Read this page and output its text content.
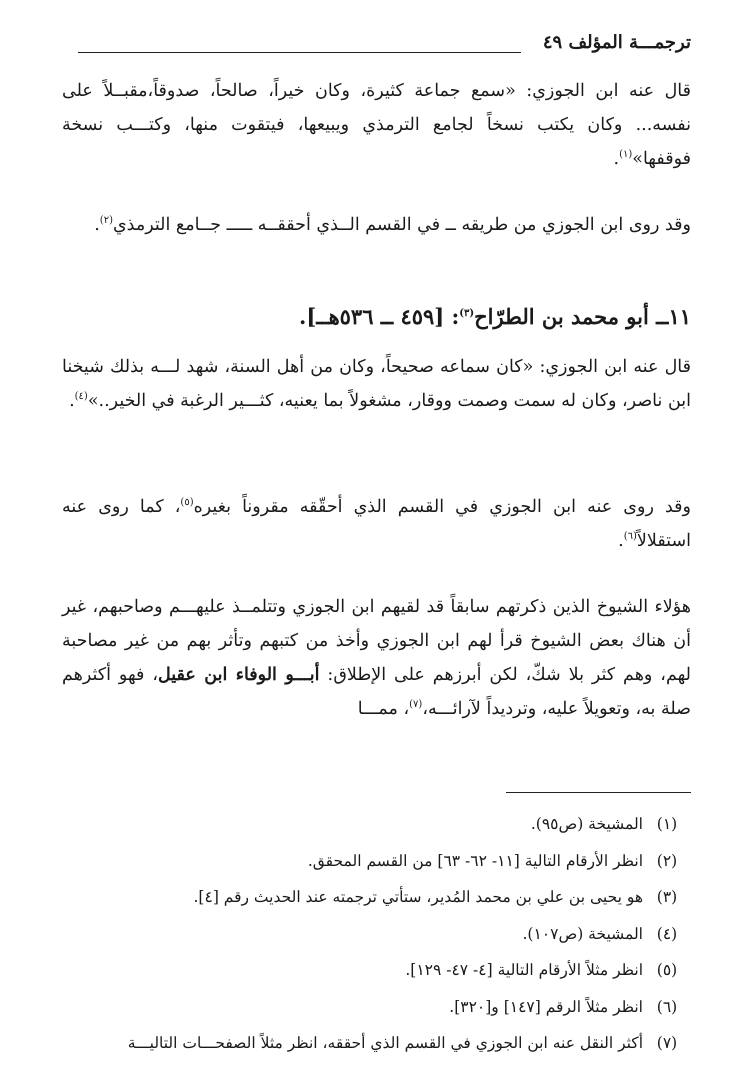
ترجمـــة المؤلف ٤٩
قال عنه ابن الجوزي: «سمع جماعة كثيرة، وكان خيراً، صالحاً، صدوقاً،مقبــلاً على نفسه... وكان يكتب نسخاً لجامع الترمذي ويبيعها، فيتقوت منها، وكتـــب نسخة فوقفها»$^{(١)}$.
وقد روى ابن الجوزي من طريقه ــ في القسم الــذي أحققــه ـــــ جــامع الترمذي$^{(٢)}$.
١١ــ أبو محمد بن الطرّاح$^{(٣)}$: [٤٥٩ ــ ٥٣٦هــ].
قال عنه ابن الجوزي: «كان سماعه صحيحاً، وكان من أهل السنة، شهد لـــه بذلك شيخنا ابن ناصر، وكان له سمت وصمت ووقار، مشغولاً بما يعنيه، كثـــير الرغبة في الخير..»$^{(٤)}$.
وقد روى عنه ابن الجوزي في القسم الذي أحقّقه مقروناً بغيره$^{(٥)}$، كما روى عنه استقلالاً$^{(٦)}$.
هؤلاء الشيوخ الذين ذكرتهم سابقاً قد لقيهم ابن الجوزي وتتلمــذ عليهـــم وصاحبهم، غير أن هناك بعض الشيوخ قرأ لهم ابن الجوزي وأخذ من كتبهم وتأثر بهم من غير مصاحبة لهم، وهم كثر بلا شكّ، لكن أبرزهم على الإطلاق: أبـــو الوفاء ابن عقيل، فهو أكثرهم صلة به، وتعويلاً عليه، وترديداً لآرائـــه،$^{(٧)}$، ممـــا
(١)
المشيخة (ص٩٥).
(٢)
انظر الأرقام التالية [١١- ٦٢- ٦٣] من القسم المحقق.
(٣)
هو يحيى بن علي بن محمد المُدير، ستأتي ترجمته عند الحديث رقم [٤].
(٤)
المشيخة (ص١٠٧).
(٥)
انظر مثلاً الأرقام التالية [٤- ٤٧- ١٢٩].
(٦)
انظر مثلاً الرقم [١٤٧] و[٣٢٠].
(٧)
أكثر النقل عنه ابن الجوزي في القسم الذي أحققه، انظر مثلاً الصفحـــات التاليـــة
